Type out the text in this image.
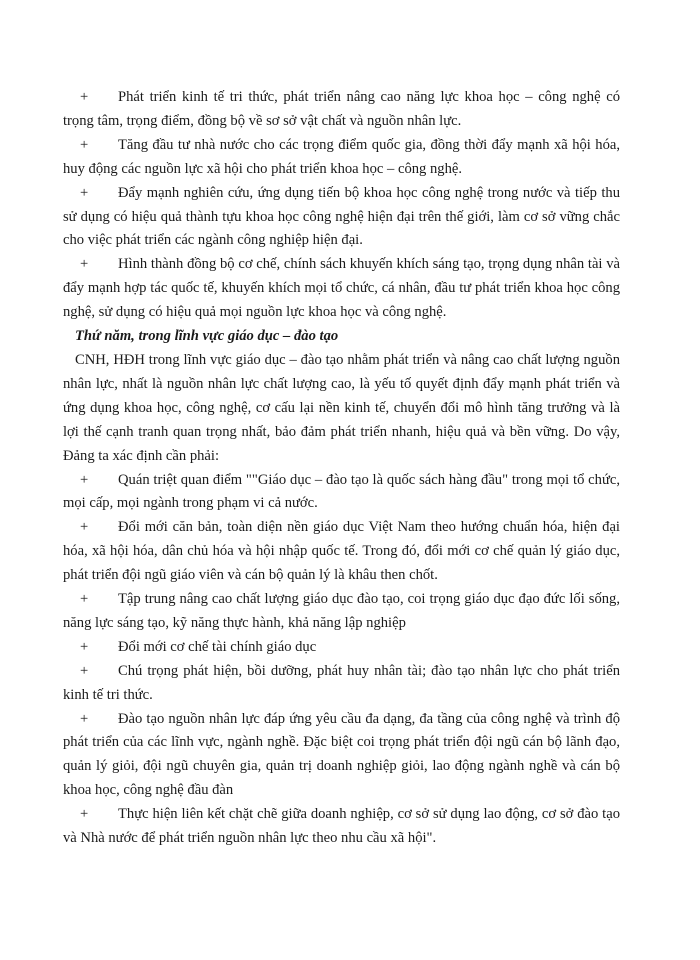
+ Phát triển kinh tế tri thức, phát triển nâng cao năng lực khoa học – công nghệ có trọng tâm, trọng điểm, đồng bộ về sơ sở vật chất và nguồn nhân lực.

+ Tăng đầu tư nhà nước cho các trọng điểm quốc gia, đồng thời đẩy mạnh xã hội hóa, huy động các nguồn lực xã hội cho phát triển khoa học – công nghệ.

+ Đẩy mạnh nghiên cứu, ứng dụng tiến bộ khoa học công nghệ trong nước và tiếp thu sử dụng có hiệu quả thành tựu khoa học công nghệ hiện đại trên thế giới, làm cơ sở vững chắc cho việc phát triển các ngành công nghiệp hiện đại.

+ Hình thành đồng bộ cơ chế, chính sách khuyến khích sáng tạo, trọng dụng nhân tài và đẩy mạnh hợp tác quốc tế, khuyến khích mọi tổ chức, cá nhân, đầu tư phát triển khoa học công nghệ, sử dụng có hiệu quả mọi nguồn lực khoa học và công nghệ.

Thứ năm, trong lĩnh vực giáo dục – đào tạo

CNH, HĐH trong lĩnh vực giáo dục – đào tạo nhằm phát triển và nâng cao chất lượng nguồn nhân lực, nhất là nguồn nhân lực chất lượng cao, là yếu tố quyết định đẩy mạnh phát triển và ứng dụng khoa học, công nghệ, cơ cấu lại nền kinh tế, chuyển đổi mô hình tăng trưởng và là lợi thế cạnh tranh quan trọng nhất, bảo đảm phát triển nhanh, hiệu quả và bền vững. Do vậy, Đảng ta xác định cần phải:

+ Quán triệt quan điểm ""Giáo dục – đào tạo là quốc sách hàng đầu" trong mọi tổ chức, mọi cấp, mọi ngành trong phạm vi cả nước.

+ Đổi mới căn bản, toàn diện nền giáo dục Việt Nam theo hướng chuẩn hóa, hiện đại hóa, xã hội hóa, dân chủ hóa và hội nhập quốc tế. Trong đó, đổi mới cơ chế quản lý giáo dục, phát triển đội ngũ giáo viên và cán bộ quản lý là khâu then chốt.

+ Tập trung nâng cao chất lượng giáo dục đào tạo, coi trọng giáo dục đạo đức lối sống, năng lực sáng tạo, kỹ năng thực hành, khả năng lập nghiệp

+ Đổi mới cơ chế tài chính giáo dục

+ Chú trọng phát hiện, bồi dưỡng, phát huy nhân tài; đào tạo nhân lực cho phát triển kinh tế tri thức.

+ Đào tạo nguồn nhân lực đáp ứng yêu cầu đa dạng, đa tầng của công nghệ và trình độ phát triển của các lĩnh vực, ngành nghề. Đặc biệt coi trọng phát triển đội ngũ cán bộ lãnh đạo, quản lý giỏi, đội ngũ chuyên gia, quản trị doanh nghiệp giỏi, lao động ngành nghề và cán bộ khoa học, công nghệ đầu đàn

+ Thực hiện liên kết chặt chẽ giữa doanh nghiệp, cơ sở sử dụng lao động, cơ sở đào tạo và Nhà nước để phát triển nguồn nhân lực theo nhu cầu xã hội".
